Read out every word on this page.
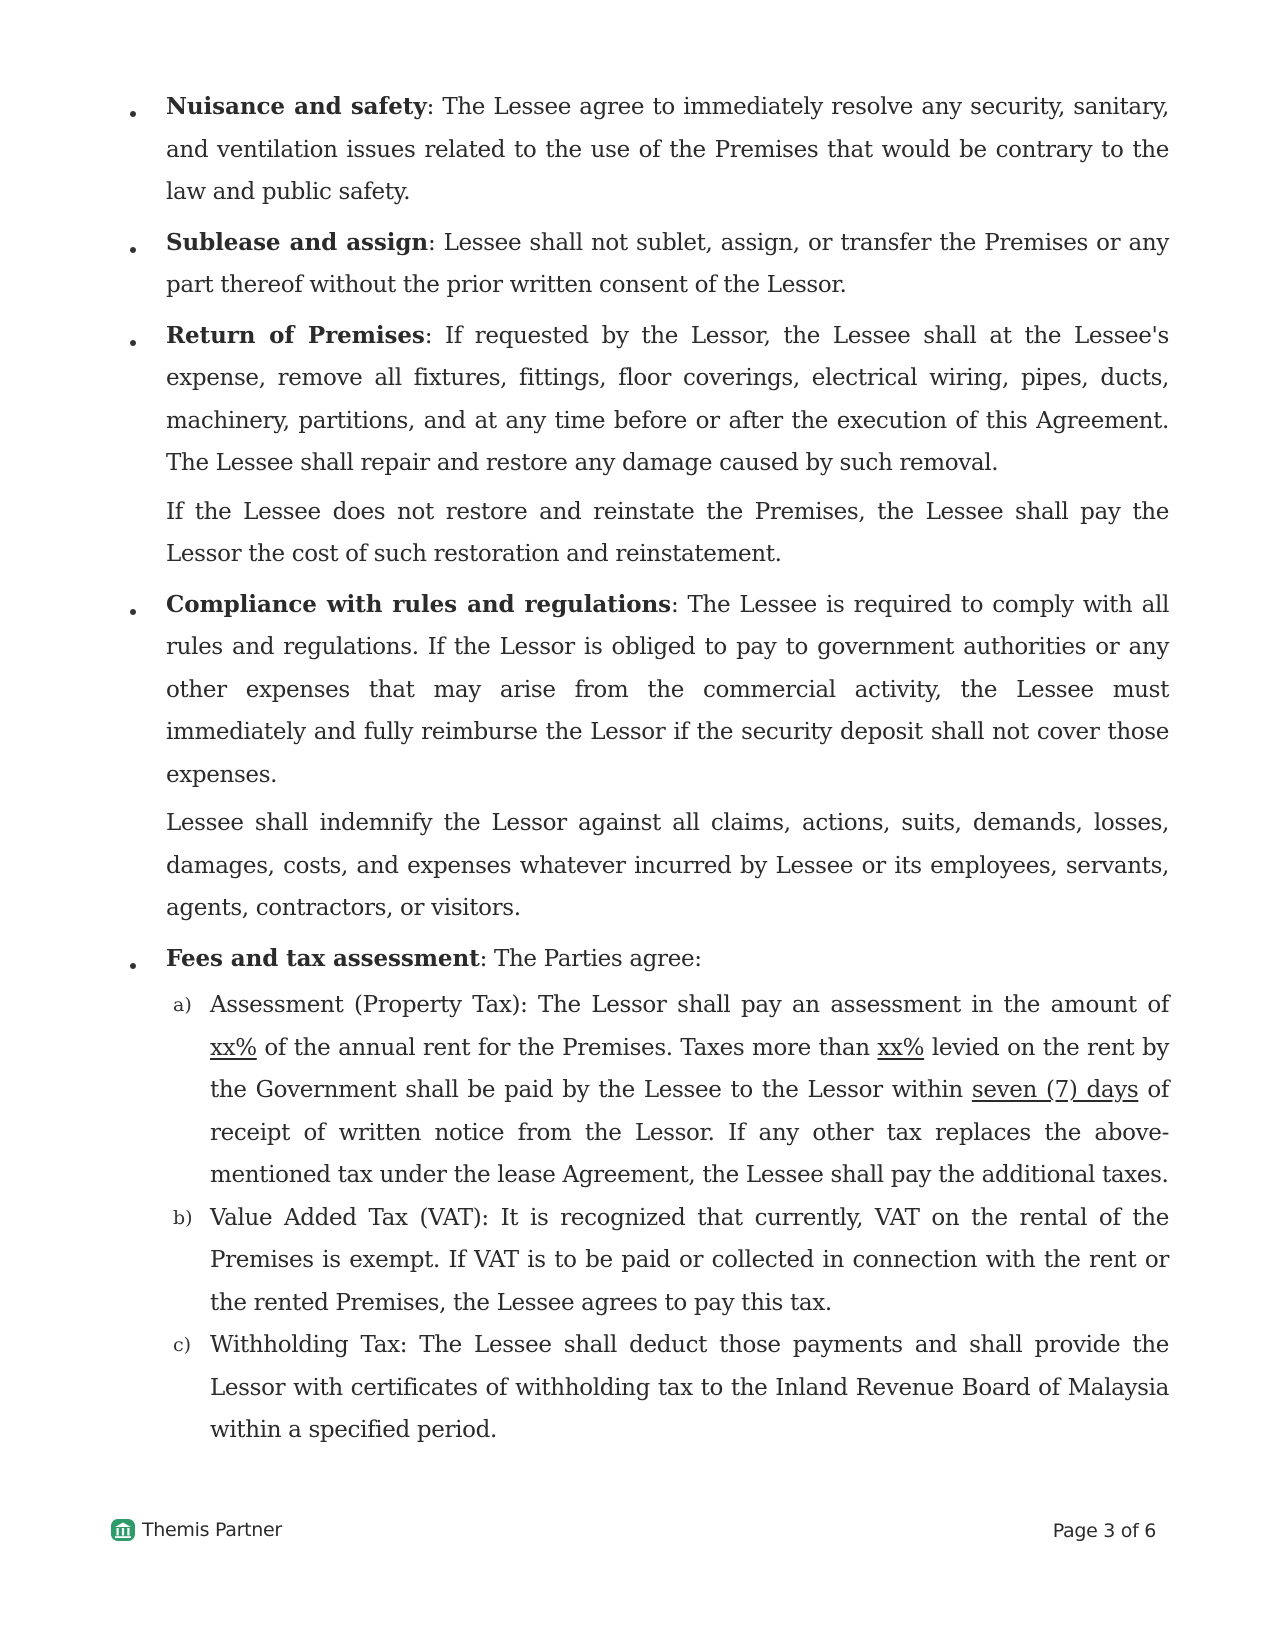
Nuisance and safety: The Lessee agree to immediately resolve any security, sanitary, and ventilation issues related to the use of the Premises that would be contrary to the law and public safety.

Sublease and assign: Lessee shall not sublet, assign, or transfer the Premises or any part thereof without the prior written consent of the Lessor.

Return of Premises: If requested by the Lessor, the Lessee shall at the Lessee's expense, remove all fixtures, fittings, floor coverings, electrical wiring, pipes, ducts, machinery, partitions, and at any time before or after the execution of this Agreement. The Lessee shall repair and restore any damage caused by such removal.

If the Lessee does not restore and reinstate the Premises, the Lessee shall pay the Lessor the cost of such restoration and reinstatement.

Compliance with rules and regulations: The Lessee is required to comply with all rules and regulations. If the Lessor is obliged to pay to government authorities or any other expenses that may arise from the commercial activity, the Lessee must immediately and fully reimburse the Lessor if the security deposit shall not cover those expenses.

Lessee shall indemnify the Lessor against all claims, actions, suits, demands, losses, damages, costs, and expenses whatever incurred by Lessee or its employees, servants, agents, contractors, or visitors.

Fees and tax assessment: The Parties agree:

a) Assessment (Property Tax): The Lessor shall pay an assessment in the amount of xx% of the annual rent for the Premises. Taxes more than xx% levied on the rent by the Government shall be paid by the Lessee to the Lessor within seven (7) days of receipt of written notice from the Lessor. If any other tax replaces the above-mentioned tax under the lease Agreement, the Lessee shall pay the additional taxes.

b) Value Added Tax (VAT): It is recognized that currently, VAT on the rental of the Premises is exempt. If VAT is to be paid or collected in connection with the rent or the rented Premises, the Lessee agrees to pay this tax.

c) Withholding Tax: The Lessee shall deduct those payments and shall provide the Lessor with certificates of withholding tax to the Inland Revenue Board of Malaysia within a specified period.

Themis Partner	Page 3 of 6
